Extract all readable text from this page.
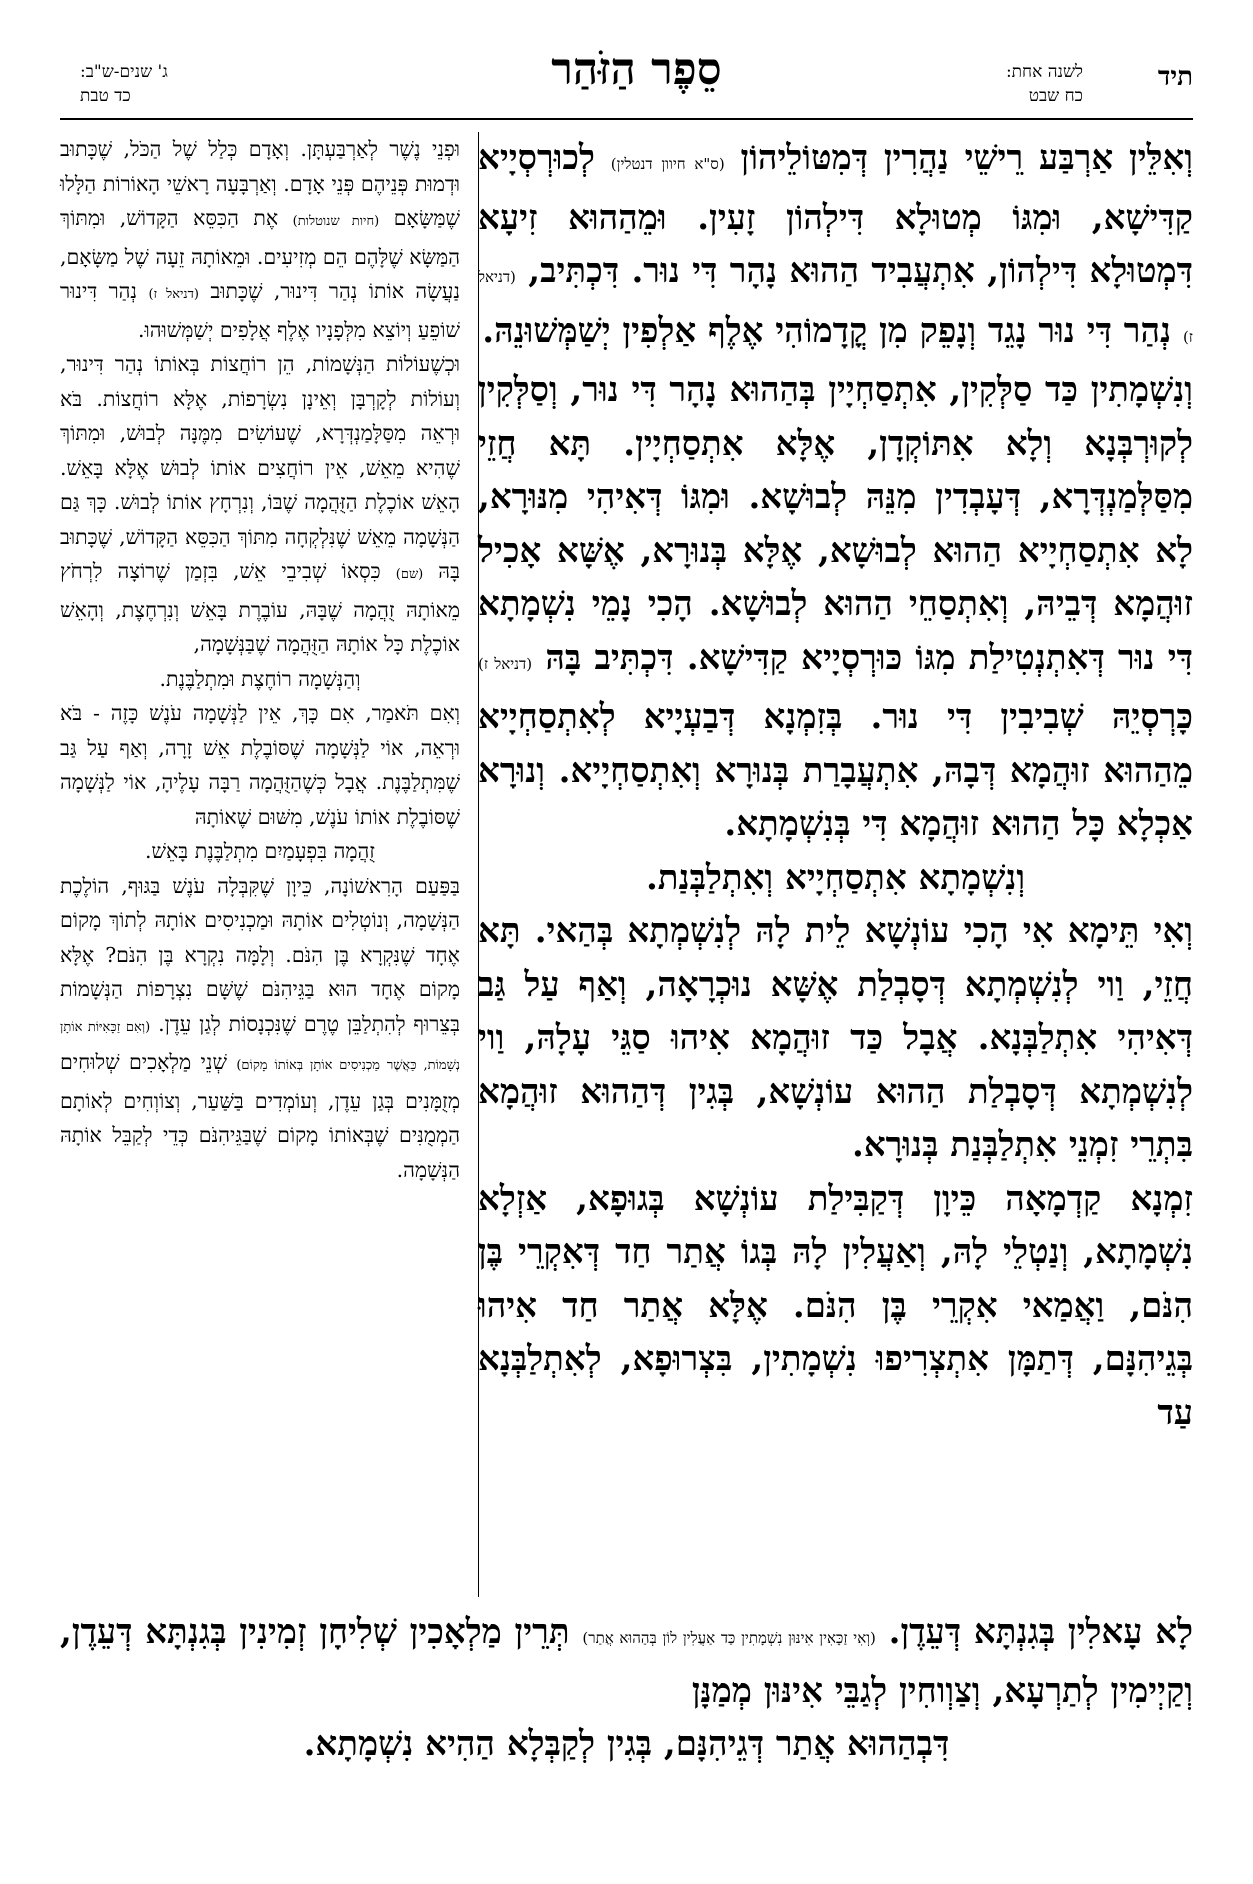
תיד
לשנה אחת:
כח שבט
סֵפֶר הַזֹּהַר
ג' שנים-ש"ב:
כד טבת

וְאִלֵּין אַרְבַּע רֵישֵׁי נַהֲרִין דְּמִטּוֹלֵיהוֹן (ס"א חיוון דנטלין) לְכוּרְסְיָיא קַדִּישָׁא, וּמִגּוֹ מְטוּלָא דִּילְהוֹן זָעִין. וּמֵהַהוּא זִיעָא דִּמְטוּלָא דִּילְהוֹן, אִתְעֲבִיד הַהוּא נָהָר דִּי נוּר. דִּכְתִּיב, (דניאל ז) נְהַר דִּי נוּר נָגֵד וְנָפֵק מִן קֳדָמוֹהִי אֶלֶף אַלְפִין יְשַׁמְּשׁוּנֵהּ.

וְנִשְׁמָתִין כַּד סַלְּקִין, אִתְסַחְיָין בְּהַהוּא נָהָר דִּי נוּר, וְסַלְּקִין לְקוּרְבְּנָא וְלָא אִתּוֹקְדָן, אֶלָּא אִתְסַחְיָין. תָּא חֲזֵי מִסַּלְּמַנְדְּרָא, דְּעָבְדִין מִנֵּהּ לְבוּשָׁא. וּמִגּוֹ דְּאִיהִי מִנּוּרָא, לָא אִתְסַחְיָיא הַהוּא לְבוּשָׁא, אֶלָּא בְּנוּרָא, אֶשָּׁא אָכִיל זוּהֲמָא דְּבֵיהּ, וְאִתְסַחֵי הַהוּא לְבוּשָׁא. הָכִי נָמֵי נִשְׁמָתָא דִּי נוּר דְּאִתְנְטִילַת מִגּוֹ כּוּרְסְיָיא קַדִּישָׁא. דִּכְתִּיב בָּהּ (דניאל ז) כָּרְסְיֵהּ שְׁבִיבִין דִּי נוּר. בְּזִמְנָא דְּבַעְיָיא לְאִתְסַחְיָיא מֵהַהוּא זוּהֲמָא דְּבָהּ, אִתְעֲבָרַת בְּנוּרָא וְאִתְסַחְיָיא. וְנוּרָא אַכְלָא כָּל הַהוּא זוּהֲמָא דִּי בְּנִשְׁמָתָא.

וְנִשְׁמָתָא אִתְסַחְיָיא וְאִתְלַבְּנַת.

וְאִי תֵּימָא אִי הָכִי עוֹנְשָׁא לֵית לָהּ לְנִשְׁמְתָא בְּהַאי. תָּא חֲזֵי, וַוי לְנִשְׁמְתָא דְּסָבְלַת אֶשָּׁא נוּכְרָאָה, וְאַף עַל גַּב דְּאִיהִי אִתְלַבְּנָא. אֲבָל כַּד זוּהֲמָא אִיהוּ סַגֵּי עָלָהּ, וַוי לְנִשְׁמְתָא דְּסָבְלַת הַהוּא עוֹנְשָׁא, בְּגִין דְּהַהוּא זוּהֲמָא בִּתְרֵי זִמְנֵי אִתְלַבְּנַת בְּנוּרָא.

זִמְנָא קַדְמָאָה כֵּיוָן דְּקַבִּילַת עוֹנְשָׁא בְּגוּפָא, אַזְלָא נִשְׁמָתָא, וְנַטְלֵי לָהּ, וְאַעֲלִין לָהּ בְּגוֹ אֲתַר חַד דְּאִקְרֵי בֶּן הִנֹּם, וַאֲמַאי אִקְרֵי בֶּן הִנֹּם. אֶלָּא אֲתַר חַד אִיהוּ בְּגֵיהִנָּם, דְּתַמָּן אִתְצְרִיפוּ נִשְׁמָתִין, בִּצְרוּפָא, לְאִתְלַבְּנָא עַד

וּפְנֵי נֶשֶׁר לְאַרְבַּעְתָּן. וְאָדָם כְּלַל שֶׁל הַכֹּל, שֶׁכָּתוּב וּדְמוּת פְּנֵיהֶם פְּנֵי אָדָם. וְאַרְבָּעָה רָאשֵׁי הָאוֹרוֹת הַלָּלוּ שֶׁמַּשָּׂאָם (חיות שנוטלות) אֶת הַכִּסֵּא הַקָּדוֹשׁ, וּמִתּוֹךְ הַמַּשָּׂא שֶׁלָּהֶם הֵם מְזִיעִים. וּמֵאוֹתָהּ זֵעָה שֶׁל מַשָּׂאָם, נַעֲשָׂה אוֹתוֹ נְהַר דִּינוּר, שֶׁכָּתוּב (דניאל ז) נְהַר דִּינוּר שׁוֹפֵעַ וְיוֹצֵא מִלְּפָנָיו אֶלֶף אֲלָפִים יְשַׁמְּשׁוּהוּ.

וּכְשֶׁעוֹלוֹת הַנְּשָׁמוֹת, הֵן רוֹחֲצוֹת בְּאוֹתוֹ נְהַר דִּינוּר, וְעוֹלוֹת לְקָרְבָּן וְאֵינָן נִשְׂרָפוֹת, אֶלָּא רוֹחֲצוֹת. בֹּא וּרְאֵה מִסַּלָּמַנְדְּרָא, שֶׁעוֹשִׂים מִמֶּנָּה לְבוּשׁ, וּמִתּוֹךְ שֶׁהִיא מֵאֵשׁ, אֵין רוֹחֲצִים אוֹתוֹ לְבוּשׁ אֶלָּא בָּאֵשׁ. הָאֵשׁ אוֹכֶלֶת הַזֻּהֲמָה שֶׁבּוֹ, וְנִרְחָץ אוֹתוֹ לְבוּשׁ. כָּךְ גַּם הַנְּשָׁמָה מֵאֵשׁ שֶׁנִּלְקְחָה מִתּוֹךְ הַכִּסֵּא הַקָּדוֹשׁ, שֶׁכָּתוּב בָּהּ (שם) כִּסְאוֹ שְׁבִיבֵי אֵשׁ, בִּזְמַן שֶׁרוֹצָה לִרְחֹץ מֵאוֹתָהּ זֻהֲמָה שֶׁבָּהּ, עוֹבֶרֶת בָּאֵשׁ וְנִרְחֶצֶת, וְהָאֵשׁ אוֹכֶלֶת כָּל אוֹתָהּ הַזֻּהֲמָה שֶׁבַּנְּשָׁמָה,

וְהַנְּשָׁמָה רוֹחֶצֶת וּמִתְלַבֶּנֶת.

וְאִם תֹּאמַר, אִם כָּךְ, אֵין לַנְּשָׁמָה עֹנֶשׁ כָּזֶה - בֹּא וּרְאֵה, אוֹי לַנְּשָׁמָה שֶׁסּוֹבֶלֶת אֵשׁ זָרָה, וְאַף עַל גַּב שֶׁמִּתְלַבֶּנֶת. אֲבָל כְּשֶׁהַזֻּהֲמָה רַבָּה עָלֶיהָ, אוֹי לַנְּשָׁמָה שֶׁסּוֹבֶלֶת אוֹתוֹ עֹנֶשׁ, מִשּׁוּם שֶׁאוֹתָהּ

זֻהֲמָה בִּפְעָמַיִם מִתְלַבֶּנֶת בָּאֵשׁ.

בַּפַּעַם הָרִאשׁוֹנָה, כֵּיוָן שֶׁקִּבְּלָה עֹנֶשׁ בַּגּוּף, הוֹלֶכֶת הַנְּשָׁמָה, וְנוֹטְלִים אוֹתָהּ וּמַכְנִיסִים אוֹתָהּ לְתוֹךְ מָקוֹם אֶחָד שֶׁנִּקְרָא בֶּן הִנֹּם. וְלָמָּה נִקְרָא בֶּן הִנֹּם? אֶלָּא מָקוֹם אֶחָד הוּא בַּגֵּיהִנֹּם שֶׁשָּׁם נִצְרָפוֹת הַנְּשָׁמוֹת בְּצֵרוּף לְהִתְלַבֵּן טֶרֶם שֶׁנִּכְנָסוֹת לְגַן עֵדֶן. (וְאִם זַכָּאִיּוֹת אוֹתָן נְשָׁמוֹת, כַּאֲשֶׁר מַכְנִיסִים אוֹתָן בְּאוֹתוֹ מָקוֹם) שְׁנֵי מַלְאָכִים שְׁלוּחִים מְזֻמָּנִים בְּגַן עֵדֶן, וְעוֹמְדִים בַּשַּׁעַר, וְצוֹוְחִים לְאוֹתָם הַמְמֻנִּים שֶׁבְּאוֹתוֹ מָקוֹם שֶׁבַּגֵּיהִנֹּם כְּדֵי לְקַבֵּל אוֹתָהּ הַנְּשָׁמָה.

לָא עָאלִין בְּגִנְתָּא דְּעֵדֶן. (וְאִי זַכָּאִין אִינּוּן נִשְׁמָתִין כַּד אַעֲלִין לוֹן בְּהַהוּא אֲתַר) תְּרֵין מַלְאָכִין שְׁלִיחָן זְמִינִין בְּגִנְתָּא דְּעֵדֶן, וְקַיְימִין לְתַרְעָא, וְצַוְוחִין לְגַבֵּי אִינּוּן מְמַנָּן

דִּבְהַהוּא אֲתַר דְּגֵיהִנָּם, בְּגִין לְקַבְּלָא הַהִיא נִשְׁמָתָא.
